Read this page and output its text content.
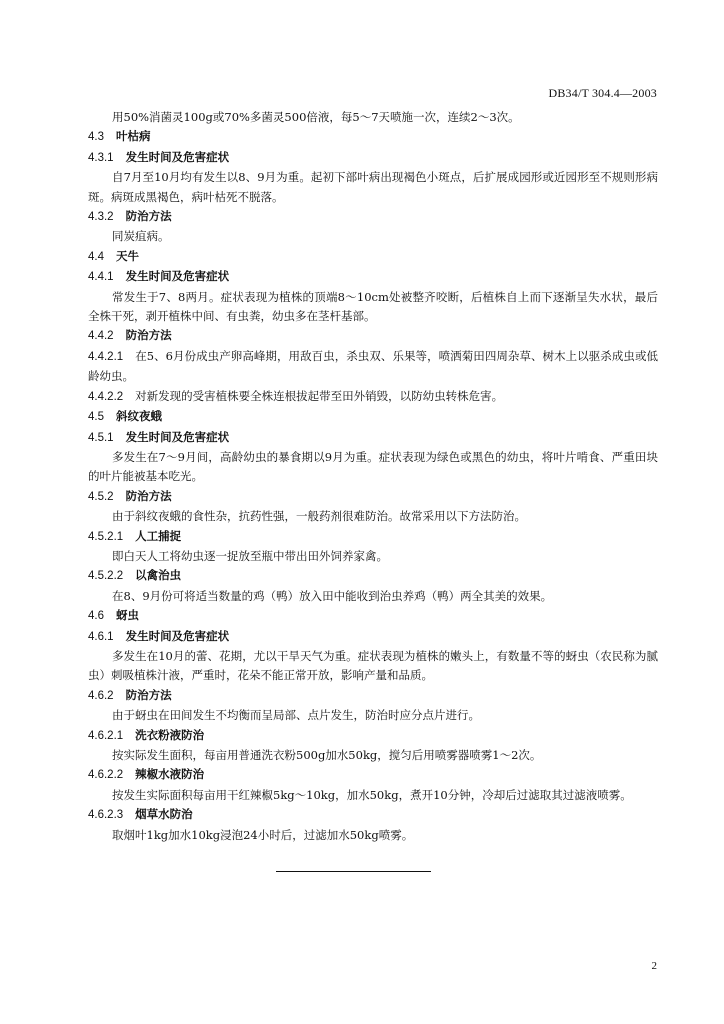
DB34/T 304.4—2003
用50%消菌灵100g或70%多菌灵500倍液，每5～7天喷施一次，连续2～3次。
4.3 叶枯病
4.3.1 发生时间及危害症状
自7月至10月均有发生以8、9月为重。起初下部叶病出现褐色小斑点，后扩展成园形或近园形至不规则形病斑。病斑成黑褐色，病叶枯死不脱落。
4.3.2 防治方法
同炭疽病。
4.4 天牛
4.4.1 发生时间及危害症状
常发生于7、8两月。症状表现为植株的顶端8～10cm处被整齐咬断，后植株自上而下逐渐呈失水状，最后全株干死，剥开植株中间、有虫粪，幼虫多在茎杆基部。
4.4.2 防治方法
4.4.2.1 在5、6月份成虫产卵高峰期，用敌百虫，杀虫双、乐果等，喷洒菊田四周杂草、树木上以驱杀成虫或低龄幼虫。
4.4.2.2 对新发现的受害植株要全株连根拔起带至田外销毁，以防幼虫转株危害。
4.5 斜纹夜蛾
4.5.1 发生时间及危害症状
多发生在7～9月间，高龄幼虫的暴食期以9月为重。症状表现为绿色或黑色的幼虫，将叶片啃食、严重田块的叶片能被基本吃光。
4.5.2 防治方法
由于斜纹夜蛾的食性杂，抗药性强，一般药剂很难防治。故常采用以下方法防治。
4.5.2.1 人工捕捉
即白天人工将幼虫逐一捉放至瓶中带出田外饲养家禽。
4.5.2.2 以禽治虫
在8、9月份可将适当数量的鸡（鸭）放入田中能收到治虫养鸡（鸭）两全其美的效果。
4.6 蚜虫
4.6.1 发生时间及危害症状
多发生在10月的蕾、花期，尤以干旱天气为重。症状表现为植株的嫩头上，有数量不等的蚜虫（农民称为腻虫）刺吸植株汁液，严重时，花朵不能正常开放，影响产量和品质。
4.6.2 防治方法
由于蚜虫在田间发生不均衡而呈局部、点片发生，防治时应分点片进行。
4.6.2.1 洗衣粉液防治
按实际发生面积，每亩用普通洗衣粉500g加水50kg，搅匀后用喷雾器喷雾1～2次。
4.6.2.2 辣椒水液防治
按发生实际面积每亩用干红辣椒5kg～10kg，加水50kg，煮开10分钟，冷却后过滤取其过滤液喷雾。
4.6.2.3 烟草水防治
取烟叶1kg加水10kg浸泡24小时后，过滤加水50kg喷雾。
2
